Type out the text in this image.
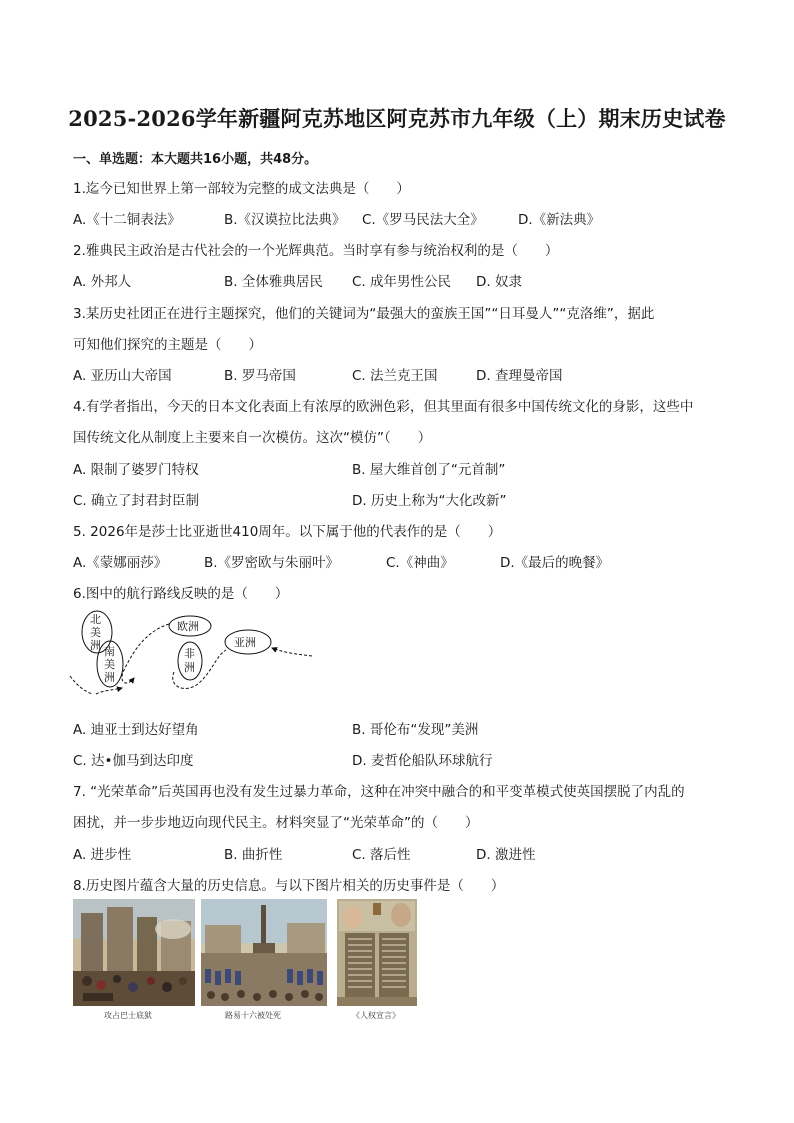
2025-2026学年新疆阿克苏地区阿克苏市九年级（上）期末历史试卷
一、单选题：本大题共16小题，共48分。
1.迄今已知世界上第一部较为完整的成文法典是（　　）
A.《十二铜表法》	B.《汉谟拉比法典》 C.《罗马民法大全》	D.《新法典》
2.雅典民主政治是古代社会的一个光辉典范。当时享有参与统治权利的是（　　）
A. 外邦人	B. 全体雅典居民 C. 成年男性公民 D. 奴隶
3.某历史社团正在进行主题探究，他们的关键词为“最强大的蛮族王国”“日耳曼人”“克洛维”，据此
可知他们探究的主题是（　　）
A. 亚历山大帝国	B. 罗马帝国	C. 法兰克王国	D. 查理曼帝国
4.有学者指出，今天的日本文化表面上有浓厚的欧洲色彩，但其里面有很多中国传统文化的身影，这些中
国传统文化从制度上主要来自一次模仿。这次“模仿”（　　）
A. 限制了婆罗门特权	B. 屋大维首创了“元首制”
C. 确立了封君封臣制	D. 历史上称为“大化改新”
5. 2026年是莎士比亚逝世410周年。以下属于他的代表作的是（　　）
A.《蒙娜丽莎》	B.《罗密欧与朱丽叶》	C.《神曲》	D.《最后的晚餐》
6.图中的航行路线反映的是（　　）
北
美
洲 南
美
洲
欧洲
非
洲
亚洲
A. 迪亚士到达好望角	B. 哥伦布“发现”美洲
C. 达•伽马到达印度	D. 麦哲伦船队环球航行
7. “光荣革命”后英国再也没有发生过暴力革命，这种在冲突中融合的和平变革模式使英国摆脱了内乱的
困扰，并一步步地迈向现代民主。材料突显了“光荣革命”的（　　）
A. 进步性	B. 曲折性	C. 落后性	D. 激进性
8.历史图片蕴含大量的历史信息。与以下图片相关的历史事件是（　　）
攻占巴士底狱	路易十六被处死	《人权宣言》
